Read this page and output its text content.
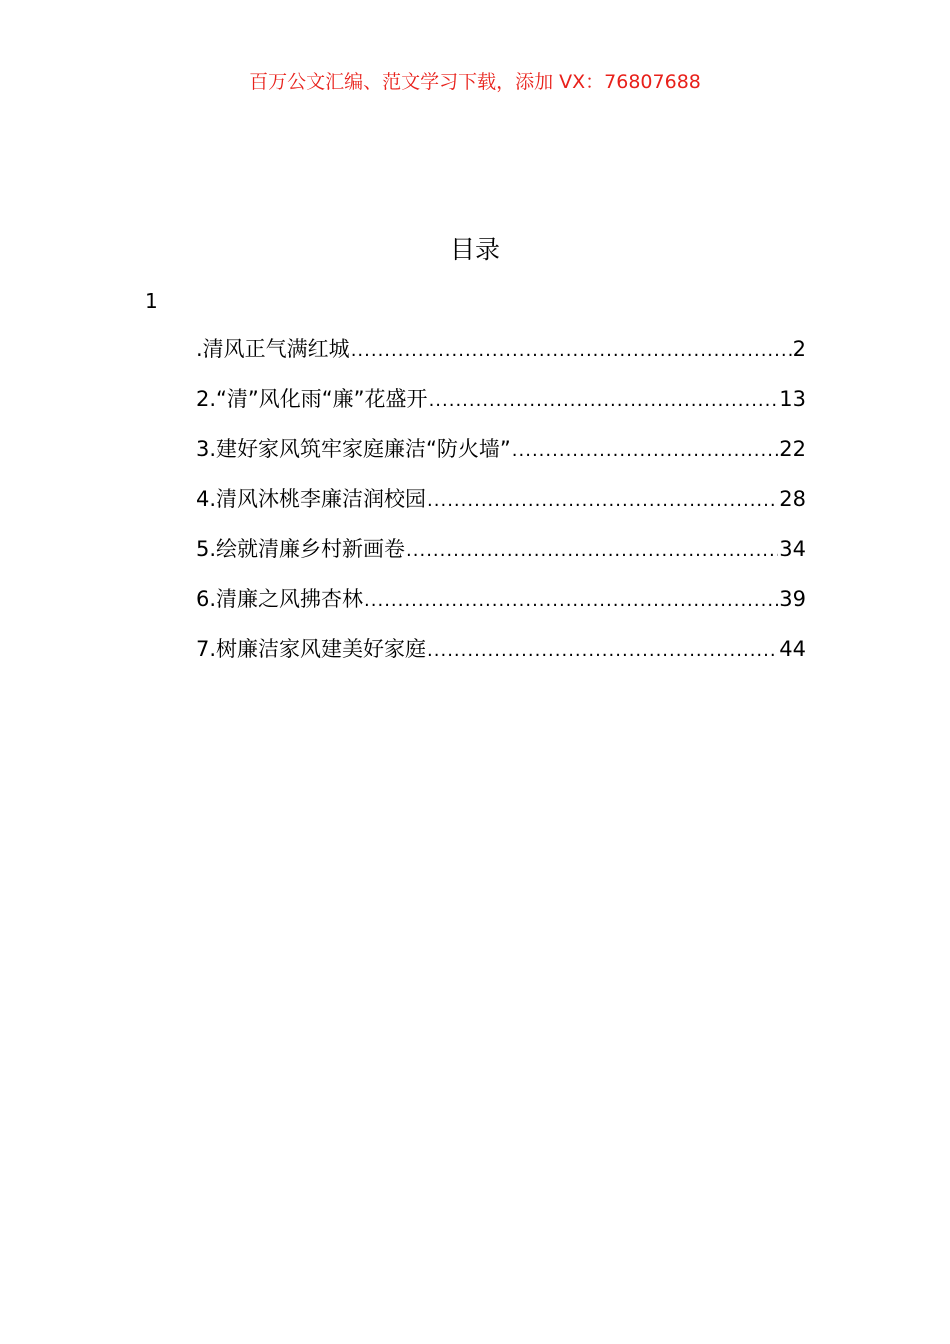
百万公文汇编、范文学习下载，添加 VX：76807688
目录
1
.清风正气满红城 .....	2
2.“清”风化雨“廉”花盛开 .....	13
3.建好家风筑牢家庭廉洁“防火墙” .....	22
4.清风沐桃李廉洁润校园 .....	28
5.绘就清廉乡村新画卷 .....	34
6.清廉之风拂杏林 .....	39
7.树廉洁家风建美好家庭 .....	44
